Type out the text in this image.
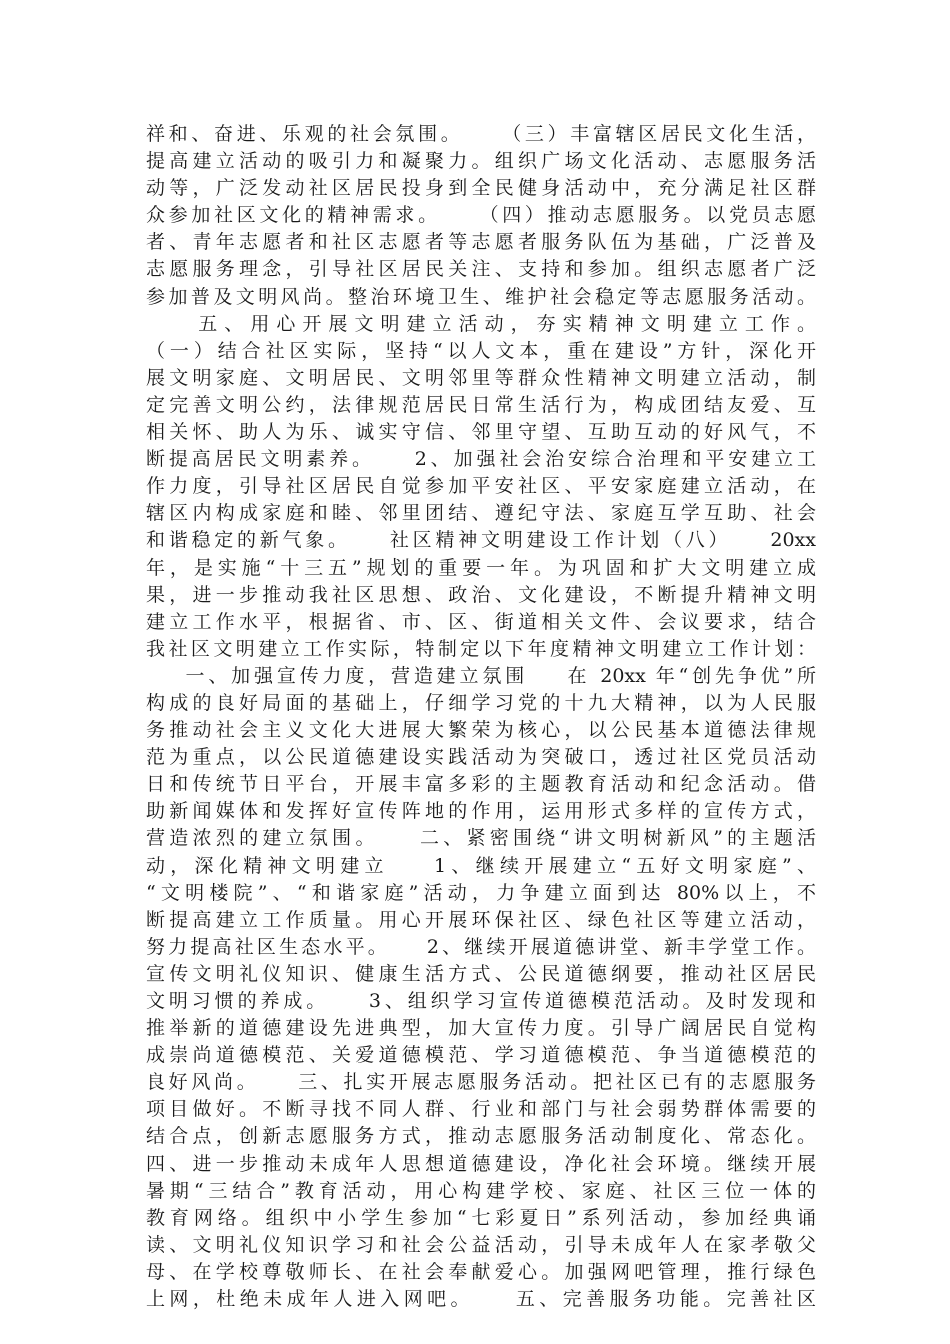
祥和、奋进、乐观的社会氛围。    （三）丰富辖区居民文化生活，
提高建立活动的吸引力和凝聚力。组织广场文化活动、志愿服务活
动等，广泛发动社区居民投身到全民健身活动中，充分满足社区群
众参加社区文化的精神需求。    （四）推动志愿服务。以党员志愿
者、青年志愿者和社区志愿者等志愿者服务队伍为基础，广泛普及
志愿服务理念，引导社区居民关注、支持和参加。组织志愿者广泛
参加普及文明风尚。整治环境卫生、维护社会稳定等志愿服务活动。
五、用心开展文明建立活动，夯实精神文明建立工作。
（一）结合社区实际，坚持“以人文本，重在建设”方针，深化开
展文明家庭、文明居民、文明邻里等群众性精神文明建立活动，制
定完善文明公约，法律规范居民日常生活行为，构成团结友爱、互
相关怀、助人为乐、诚实守信、邻里守望、互助互动的好风气，不
断提高居民文明素养。    2、加强社会治安综合治理和平安建立工
作力度，引导社区居民自觉参加平安社区、平安家庭建立活动，在
辖区内构成家庭和睦、邻里团结、遵纪守法、家庭互学互助、社会
和谐稳定的新气象。    社区精神文明建设工作计划（八）    20xx
年，是实施“十三五”规划的重要一年。为巩固和扩大文明建立成
果，进一步推动我社区思想、政治、文化建设，不断提升精神文明
建立工作水平，根据省、市、区、街道相关文件、会议要求，结合
我社区文明建立工作实际，特制定以下年度精神文明建立工作计划：
一、加强宣传力度，营造建立氛围    在 20xx 年“创先争优”所
构成的良好局面的基础上，仔细学习党的十九大精神，以为人民服
务推动社会主义文化大进展大繁荣为核心，以公民基本道德法律规
范为重点，以公民道德建设实践活动为突破口，透过社区党员活动
日和传统节日平台，开展丰富多彩的主题教育活动和纪念活动。借
助新闻媒体和发挥好宣传阵地的作用，运用形式多样的宣传方式，
营造浓烈的建立氛围。    二、紧密围绕“讲文明树新风”的主题活
动，深化精神文明建立    1、继续开展建立“五好文明家庭”、
“文明楼院”、“和谐家庭”活动，力争建立面到达 80%以上，不
断提高建立工作质量。用心开展环保社区、绿色社区等建立活动，
努力提高社区生态水平。    2、继续开展道德讲堂、新丰学堂工作。
宣传文明礼仪知识、健康生活方式、公民道德纲要，推动社区居民
文明习惯的养成。    3、组织学习宣传道德模范活动。及时发现和
推举新的道德建设先进典型，加大宣传力度。引导广阔居民自觉构
成崇尚道德模范、关爱道德模范、学习道德模范、争当道德模范的
良好风尚。    三、扎实开展志愿服务活动。把社区已有的志愿服务
项目做好。不断寻找不同人群、行业和部门与社会弱势群体需要的
结合点，创新志愿服务方式，推动志愿服务活动制度化、常态化。
四、进一步推动未成年人思想道德建设，净化社会环境。继续开展
暑期“三结合”教育活动，用心构建学校、家庭、社区三位一体的
教育网络。组织中小学生参加“七彩夏日”系列活动，参加经典诵
读、文明礼仪知识学习和社会公益活动，引导未成年人在家孝敬父
母、在学校尊敬师长、在社会奉献爱心。加强网吧管理，推行绿色
上网，杜绝未成年人进入网吧。    五、完善服务功能。完善社区
